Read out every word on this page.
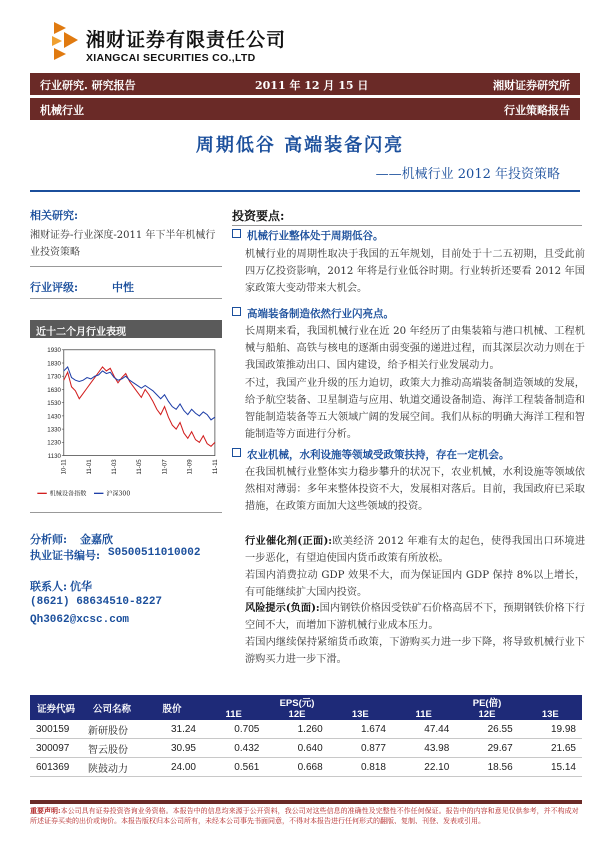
湘财证券有限责任公司
XIANGCAI SECURITIES CO.,LTD
行业研究. 研究报告	2011 年 12 月 15 日	湘财证券研究所
机械行业	行业策略报告
周期低谷 高端装备闪亮
——机械行业 2012 年投资策略
相关研究:
湘财证券-行业深度-2011 年下半年机械行业投资策略
行业评级:	中性
近十二个月行业表现
1930
1830
1730
1630
1530
1430
1330
1230
1130
10-11	11-01	11-03	11-05	11-07	11-09	11-11
机械设备指数	沪深300
分析师: 金嘉欣
执业证书编号: S0500511010002
联系人: 伉华
(8621) 68634510-8227
Qh3062@xcsc.com
投资要点:
机械行业整体处于周期低谷。
机械行业的周期性取决于我国的五年规划，目前处于十二五初期，且受此前四万亿投资影响，2012 年将是行业低谷时期。行业转折还要看 2012 年国家政策大变动带来大机会。
高端装备制造依然行业闪亮点。
长周期来看，我国机械行业在近 20 年经历了由集装箱与港口机械、工程机械与船舶、高铁与核电的逐渐由弱变强的递进过程，而其深层次动力则在于我国政策推动出口、国内建设，给予相关行业发展动力。
不过，我国产业升级的压力迫切，政策大力推动高端装备制造领域的发展，给予航空装备、卫星制造与应用、轨道交通设备制造、海洋工程装备制造和智能制造装备等五大领域广阔的发展空间。我们从标的明确大海洋工程和智能制造等方面进行分析。
农业机械，水利设施等领域受政策扶持，存在一定机会。
在我国机械行业整体实力稳步攀升的状况下，农业机械，水利设施等领域依然相对薄弱：多年来整体投资不大，发展相对落后。目前，我国政府已采取措施，在政策方面加大这些领域的投资。
行业催化剂(正面):欧美经济 2012 年难有太的起色，使得我国出口环境进一步恶化，有望迫使国内货币政策有所放松。
若国内消费拉动 GDP 效果不大，而为保证国内 GDP 保持 8%以上增长，有可能继续扩大国内投资。
风险提示(负面):国内钢铁价格因受铁矿石价格高居不下，预期钢铁价格下行空间不大，而增加下游机械行业成本压力。
若国内继续保持紧缩货币政策，下游购买力进一步下降，将导致机械行业下游购买力进一步下滑。
证券代码	公司名称	股价	EPS(元)			PE(倍)		
			11E	12E	13E	11E	12E	13E
300159	新研股份	31.24	0.705	1.260	1.674	47.44	26.55	19.98
300097	智云股份	30.95	0.432	0.640	0.877	43.98	29.67	21.65
601369	陕鼓动力	24.00	0.561	0.668	0.818	22.10	18.56	15.14
重要声明:本公司具有证券投资咨询业务资格。本报告中的信息均来源于公开资料，我公司对这些信息的准确性及完整性不作任何保证。报告中的内容和意见仅供参考，并不构成对所述证券买卖的出价或询价。本报告版权归本公司所有，未经本公司事先书面同意，不得对本报告进行任何形式的翻版、复制、刊登、发表或引用。
